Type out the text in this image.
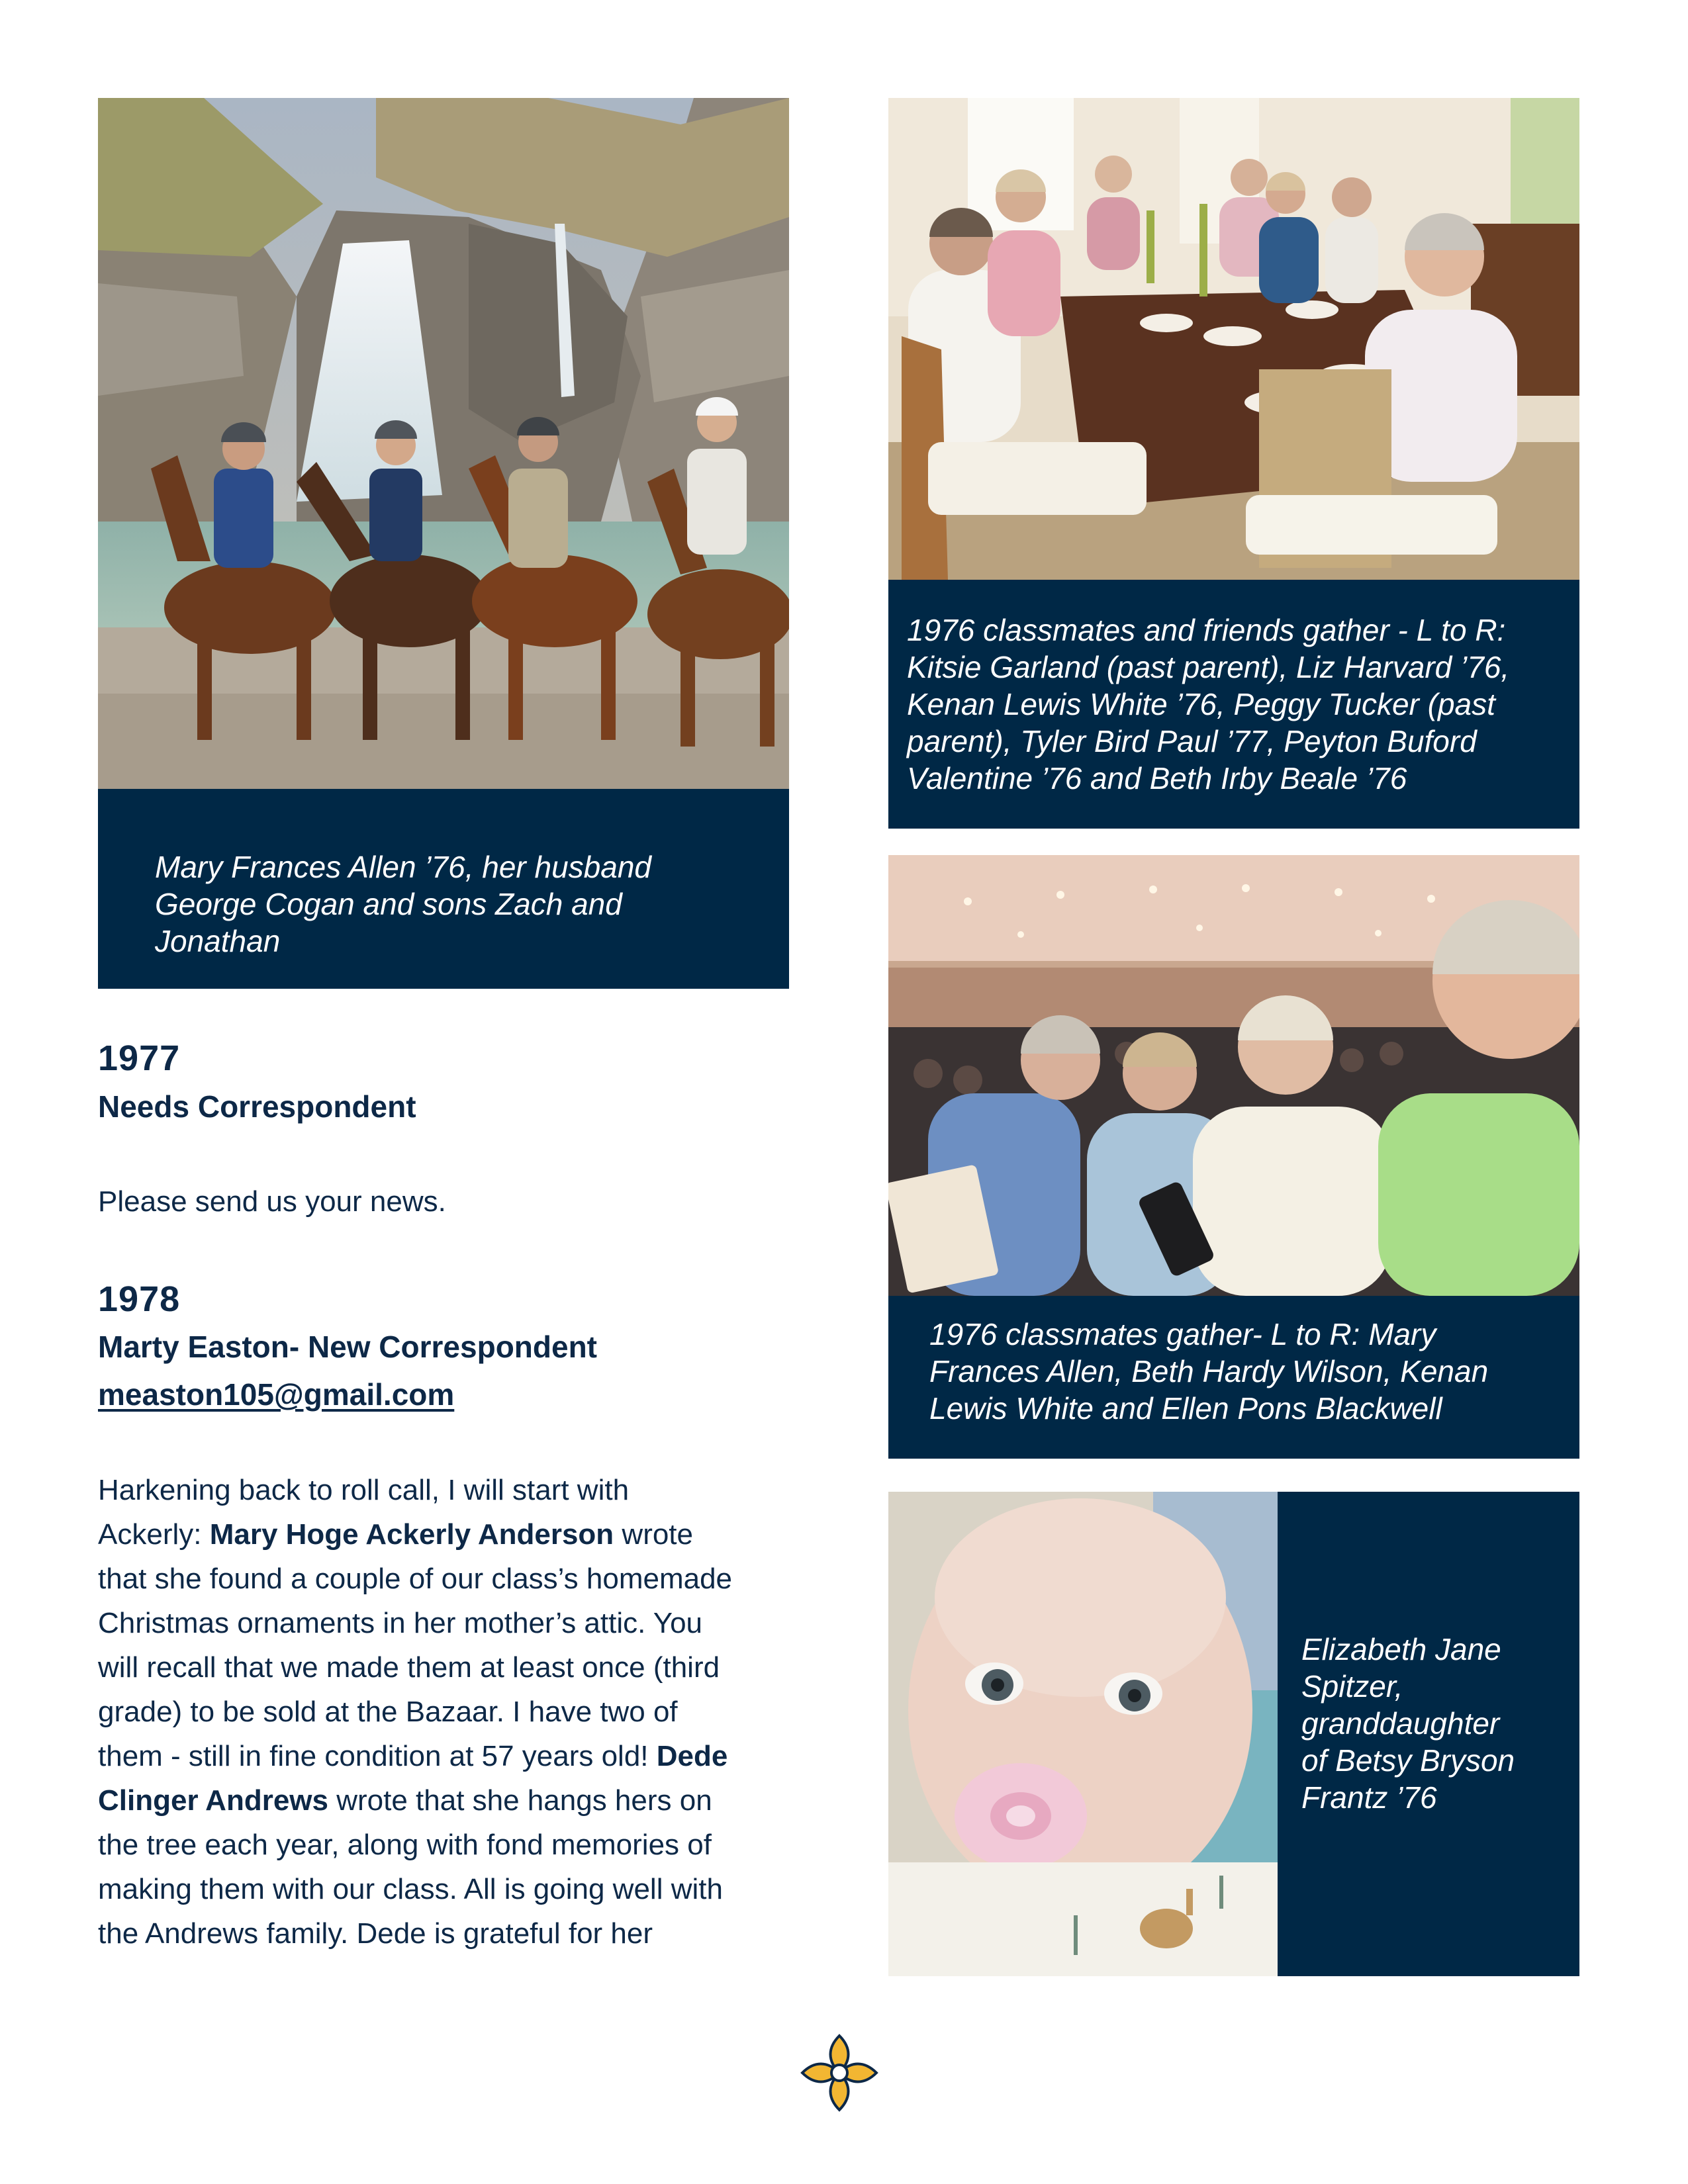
Mary Frances Allen ’76, her husband
George Cogan and sons Zach and
Jonathan
1977
Needs Correspondent
Please send us your news.
1978
Marty Easton- New Correspondent
measton105@gmail.com
Harkening back to roll call, I will start with
Ackerly: Mary Hoge Ackerly Anderson wrote
that she found a couple of our class’s homemade
Christmas ornaments in her mother’s attic. You
will recall that we made them at least once (third
grade) to be sold at the Bazaar. I have two of
them - still in fine condition at 57 years old! Dede
Clinger Andrews wrote that she hangs hers on
the tree each year, along with fond memories of
making them with our class. All is going well with
the Andrews family. Dede is grateful for her
1976 classmates and friends gather - L to R:
Kitsie Garland (past parent), Liz Harvard ’76,
Kenan Lewis White ’76, Peggy Tucker (past
parent), Tyler Bird Paul ’77, Peyton Buford
Valentine ’76 and Beth Irby Beale ’76
1976 classmates gather- L to R: Mary
Frances Allen, Beth Hardy Wilson, Kenan
Lewis White and Ellen Pons Blackwell
Elizabeth Jane
Spitzer,
granddaughter
of Betsy Bryson
Frantz ’76
